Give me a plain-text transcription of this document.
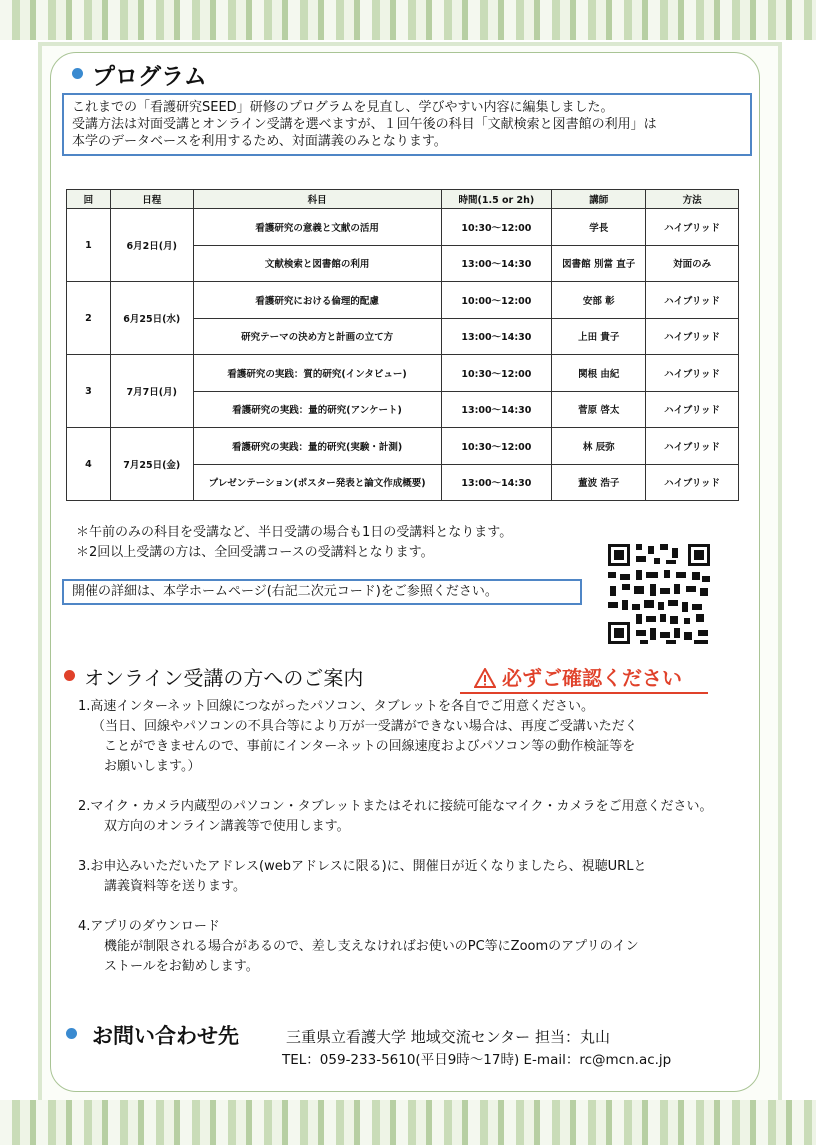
プログラム
これまでの「看護研究SEED」研修のプログラムを見直し、学びやすい内容に編集しました。
受講方法は対面受講とオンライン受講を選べますが、１回午後の科目「文献検索と図書館の利用」は
本学のデータベースを利用するため、対面講義のみとなります。
回	日程	科目	時間(1.5 or 2h)	講師	方法
1	6月2日(月)	看護研究の意義と文献の活用	10:30～12:00	学長	ハイブリッド
		文献検索と図書館の利用	13:00～14:30	図書館 別當 直子	対面のみ
2	6月25日(水)	看護研究における倫理的配慮	10:00～12:00	安部 彰	ハイブリッド
		研究テーマの決め方と計画の立て方	13:00～14:30	上田 貴子	ハイブリッド
3	7月7日(月)	看護研究の実践：質的研究(インタビュー)	10:30～12:00	関根 由紀	ハイブリッド
		看護研究の実践：量的研究(アンケート)	13:00～14:30	菅原 啓太	ハイブリッド
4	7月25日(金)	看護研究の実践：量的研究(実験・計測)	10:30～12:00	林 辰弥	ハイブリッド
		プレゼンテーション(ポスター発表と論文作成概要)	13:00～14:30	董波 浩子	ハイブリッド
＊午前のみの科目を受講など、半日受講の場合も1日の受講料となります。
＊2回以上受講の方は、全回受講コースの受講料となります。
開催の詳細は、本学ホームページ(右記二次元コード)をご参照ください。
オンライン受講の方へのご案内	必ずご確認ください

1.高速インターネット回線につながったパソコン、タブレットを各自でご用意ください。

（当日、回線やパソコンの不具合等により万が一受講ができない場合は、再度ご受講いただく

ことができませんので、事前にインターネットの回線速度およびパソコン等の動作検証等を

お願いします。）

2.マイク・カメラ内蔵型のパソコン・タブレットまたはそれに接続可能なマイク・カメラをご用意ください。

双方向のオンライン講義等で使用します。

3.お申込みいただいたアドレス(webアドレスに限る)に、開催日が近くなりましたら、視聴URLと

講義資料等を送ります。

4.アプリのダウンロード

機能が制限される場合があるので、差し支えなければお使いのPC等にZoomのアプリのイン

ストールをお勧めします。

お問い合わせ先	三重県立看護大学 地域交流センター 担当：丸山
TEL：059-233-5610(平日9時～17時) E-mail：rc@mcn.ac.jp
